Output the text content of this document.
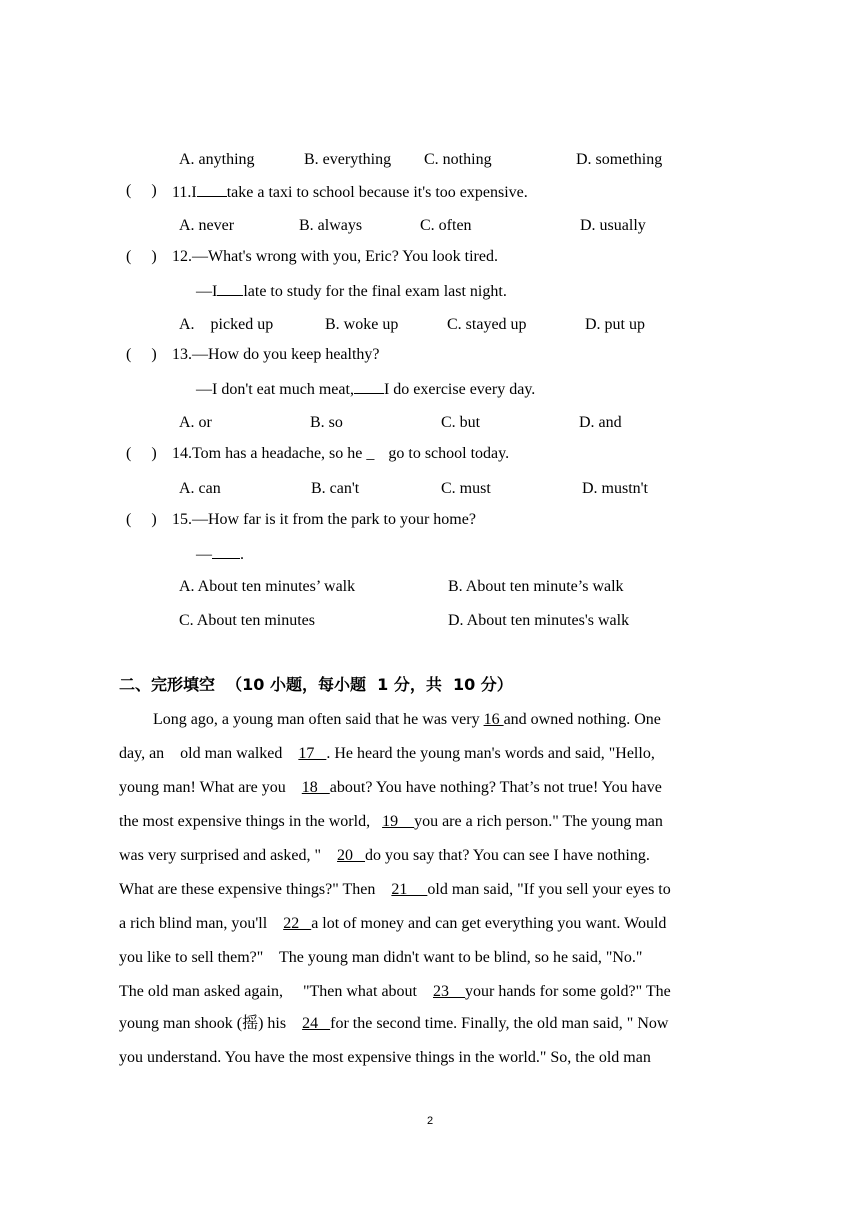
A. anything	B. everything C. nothing	D. something
(     ) 11.I take a taxi to school because it's too expensive.
A. never	B. always	C. often	D. usually
(     ) 12.—What's wrong with you, Eric? You look tired.
—I late to study for the final exam last night.
A.    picked up	B. woke up	C. stayed up	D. put up
(     ) 13.—How do you keep healthy?
—I don't eat much meat, I do exercise every day.
A. or	B. so	C. but	D. and
(     ) 14.Tom has a headache, so he _ go to school today.
A. can	B. can't	C. must	D. mustn't
(     ) 15.—How far is it from the park to your home?
— .
A. About ten minutes’ walk	B. About ten minute’s walk
C. About ten minutes	D. About ten minutes's walk
二、完形填空  （10 小题，每小题  1 分，共  10 分）
Long ago, a young man often said that he was very 16 and owned nothing. One
day, an    old man walked    17   . He heard the young man's words and said, "Hello,
young man! What are you    18   about? You have nothing? That’s not true! You have
the most expensive things in the world,   19    you are a rich person." The young man
was very surprised and asked, "    20   do you say that? You can see I have nothing.
What are these expensive things?" Then    21     old man said, "If you sell your eyes to
a rich blind man, you'll    22   a lot of money and can get everything you want. Would
you like to sell them?"    The young man didn't want to be blind, so he said, "No."
The old man asked again,     "Then what about    23    your hands for some gold?" The
young man shook (摇) his    24   for the second time. Finally, the old man said, " Now
you understand. You have the most expensive things in the world." So, the old man
2
